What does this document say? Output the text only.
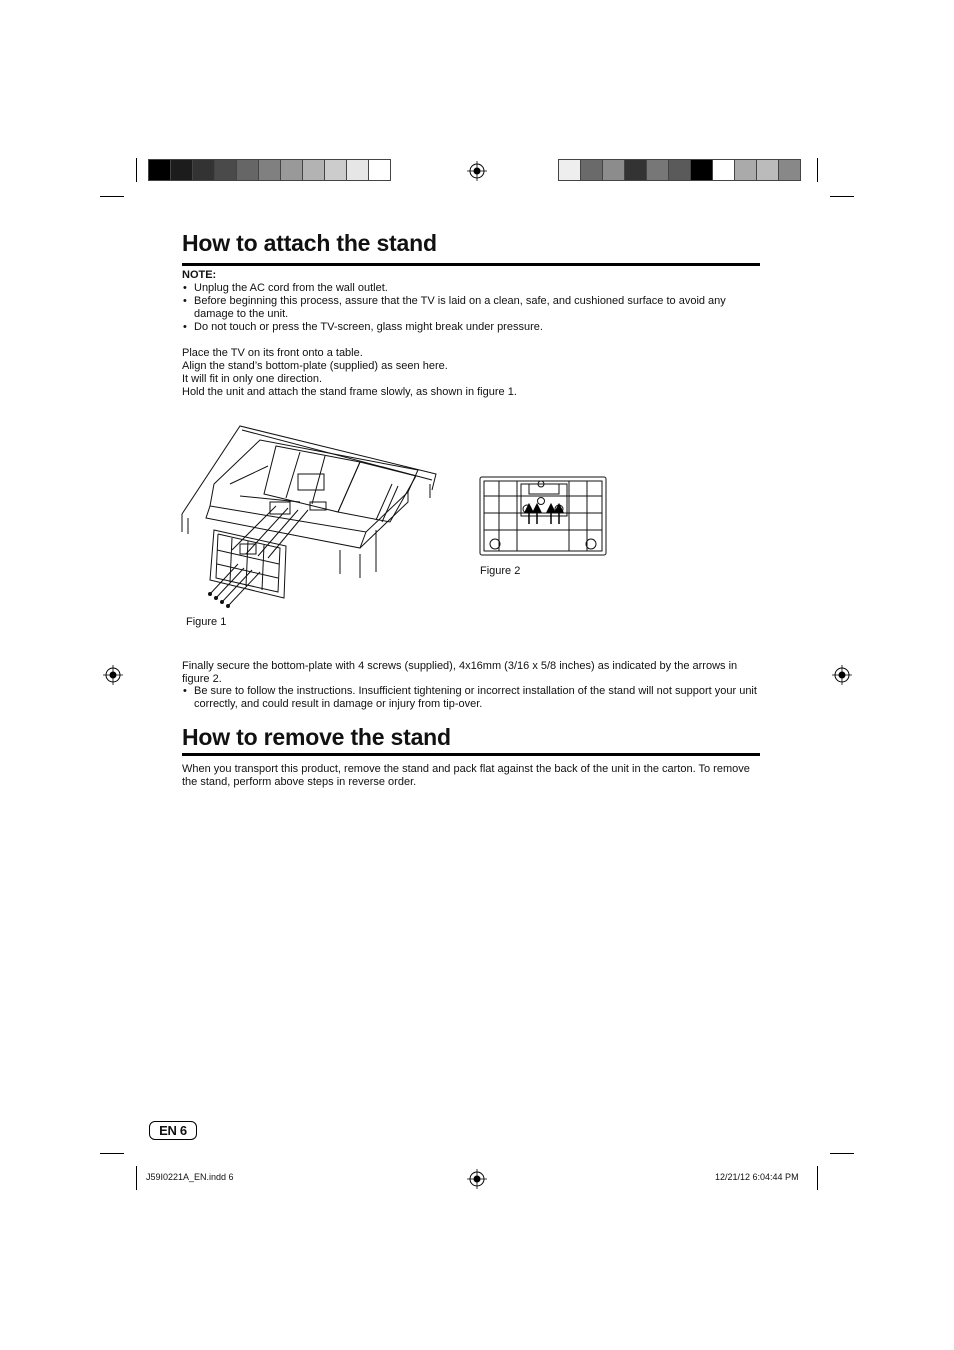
How to attach the stand
NOTE:
• Unplug the AC cord from the wall outlet.
• Before beginning this process, assure that the TV is laid on a clean, safe, and cushioned surface to avoid any damage to the unit.
• Do not touch or press the TV-screen, glass might break under pressure.
Place the TV on its front onto a table.
Align the stand’s bottom-plate (supplied) as seen here.
It will fit in only one direction.
Hold the unit and attach the stand frame slowly, as shown in figure 1.
Figure 1
Figure 2
Finally secure the bottom-plate with 4 screws (supplied), 4x16mm (3/16 x 5/8 inches) as indicated by the arrows in figure 2.
• Be sure to follow the instructions. Insufficient tightening or incorrect installation of the stand will not support your unit correctly, and could result in damage or injury from tip-over.
How to remove the stand
When you transport this product, remove the stand and pack flat against the back of the unit in the carton. To remove the stand, perform above steps in reverse order.
EN 6
J59I0221A_EN.indd 6	12/21/12 6:04:44 PM
